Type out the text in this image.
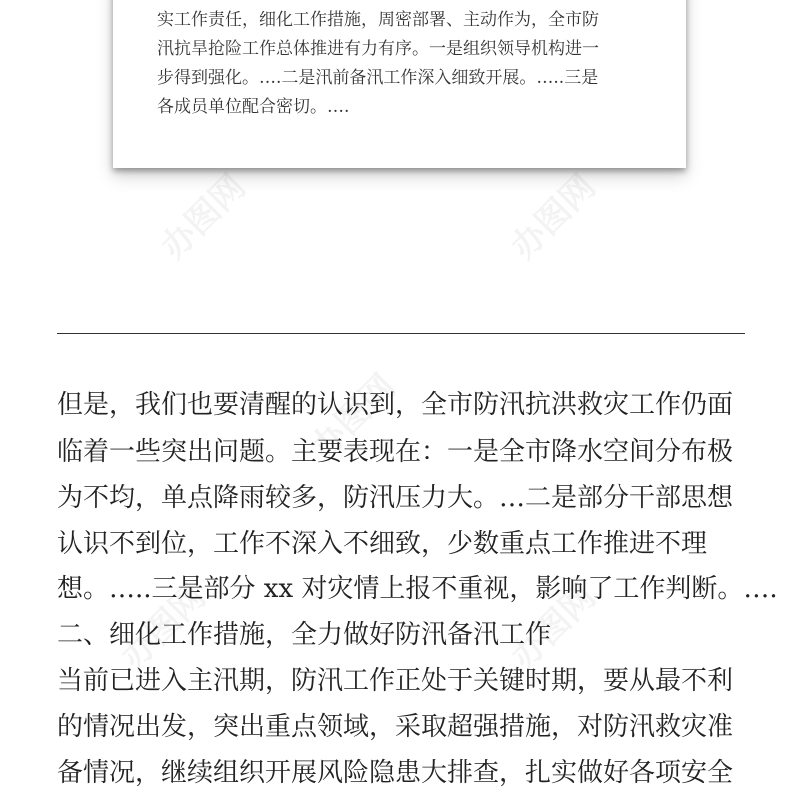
实工作责任，细化工作措施，周密部署、主动作为，全市防
汛抗旱抢险工作总体推进有力有序。一是组织领导机构进一
步得到强化。….二是汛前备汛工作深入细致开展。…..三是
各成员单位配合密切。….
但是，我们也要清醒的认识到，全市防汛抗洪救灾工作仍面
临着一些突出问题。主要表现在：一是全市降水空间分布极
为不均，单点降雨较多，防汛压力大。…二是部分干部思想
认识不到位，工作不深入不细致，少数重点工作推进不理
想。…..三是部分 xx 对灾情上报不重视，影响了工作判断。….
二、细化工作措施，全力做好防汛备汛工作
当前已进入主汛期，防汛工作正处于关键时期，要从最不利
的情况出发，突出重点领域，采取超强措施，对防汛救灾准
备情况，继续组织开展风险隐患大排查，扎实做好各项安全
